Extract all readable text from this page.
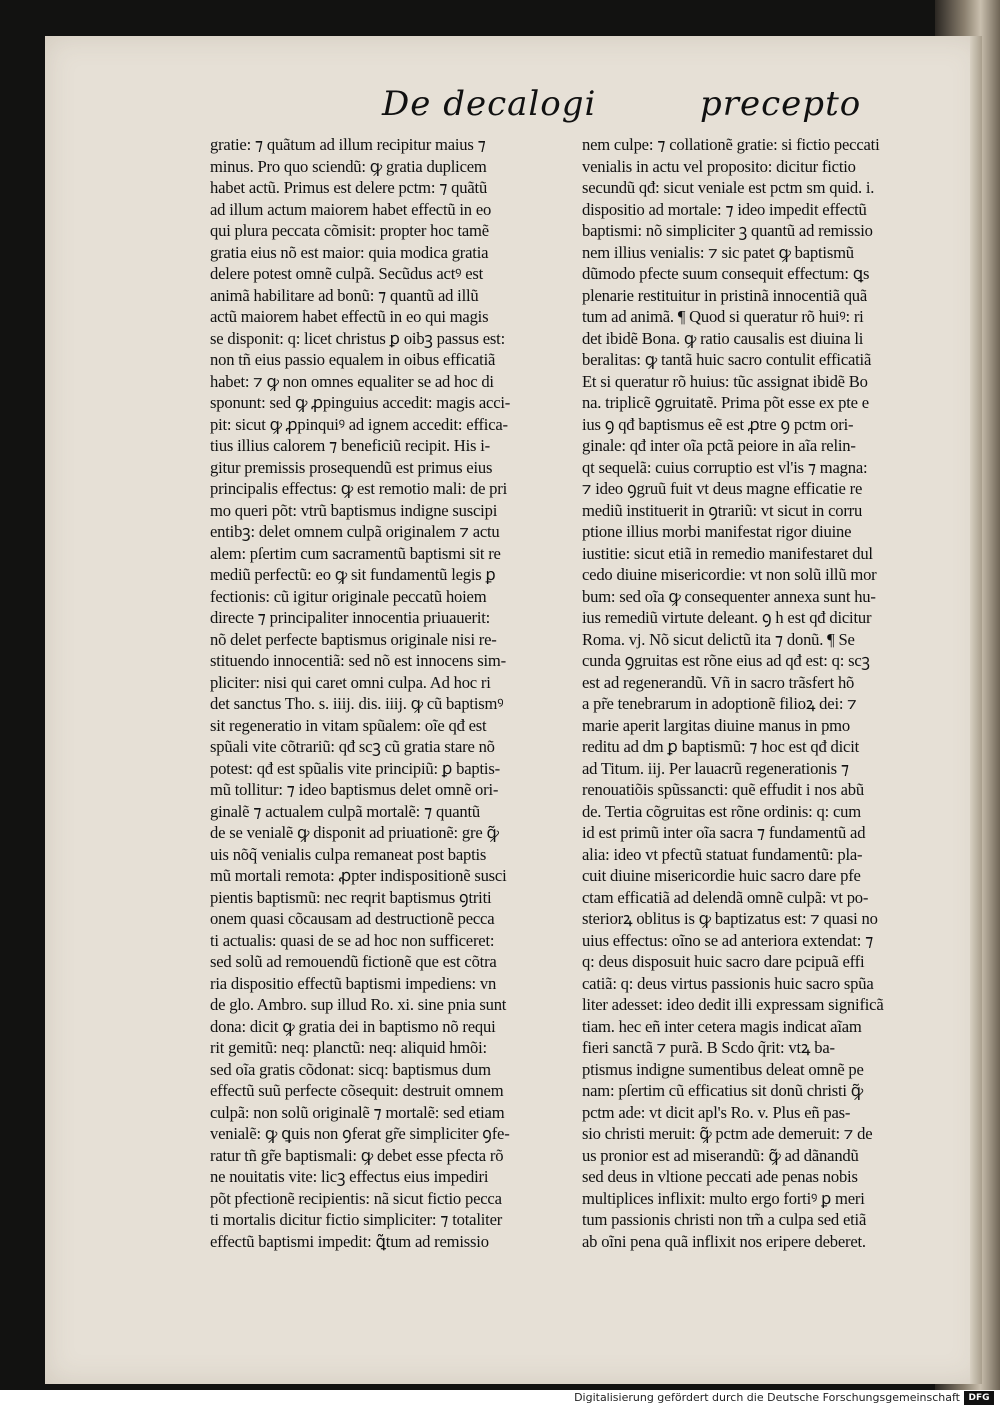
De decalogi	precepto
gratie: ⁊ quãtum ad illum recipitur maius ⁊
minus. Pro quo sciendũ: ꝙ gratia duplicem
habet actũ. Primus est delere pctm: ⁊ quãtũ
ad illum actum maiorem habet effectũ in eo
qui plura peccata cõmisit: propter hoc tamẽ
gratia eius nõ est maior: quia modica gratia
delere potest omnẽ culpã. Secũdus actꝰ est
animã habilitare ad bonũ: ⁊ quantũ ad illũ
actũ maiorem habet effectũ in eo qui magis
se disponit: q: licet christus ꝑ oibꝫ passus est:
non tñ eius passio equalem in oibus efficatiã
habet: ⁊ ꝙ non omnes equaliter se ad hoc di
sponunt: sed ꝙ ꝓpinguius accedit: magis acci-
pit: sicut ꝙ ꝓpinquiꝰ ad ignem accedit: effica-
tius illius calorem ⁊ beneficiũ recipit. His i-
gitur premissis prosequendũ est primus eius
principalis effectus: ꝙ est remotio mali: de pri
mo queri põt: vtrũ baptismus indigne suscipi
entibꝫ: delet omnem culpã originalem ⁊ actu
alem: pſertim cum sacramentũ baptismi sit re
mediũ perfectũ: eo ꝙ sit fundamentũ legis ꝑ
fectionis: cũ igitur originale peccatũ hoiem
directe ⁊ principaliter innocentia priuauerit:
nõ delet perfecte baptismus originale nisi re-
stituendo innocentiã: sed nõ est innocens sim-
pliciter: nisi qui caret omni culpa. Ad hoc ri
det sanctus Tho. s. iiij. dis. iiij. ꝙ cũ baptismꝰ
sit regeneratio in vitam spũalem: oĩe qđ est
spũali vite cõtrariũ: qđ scꝫ cũ gratia stare nõ
potest: qđ est spũalis vite principiũ: ꝑ baptis-
mũ tollitur: ⁊ ideo baptismus delet omnẽ ori-
ginalẽ ⁊ actualem culpã mortalẽ: ⁊ quantũ
de se venialẽ ꝙ disponit ad priuationẽ: gre ꝙ̃
uis nõq̃ venialis culpa remaneat post baptis
mũ mortali remota: ꝓpter indispositionẽ susci
pientis baptismũ: nec reqrit baptismus ꝯtriti
onem quasi cõcausam ad destructionẽ pecca
ti actualis: quasi de se ad hoc non sufficeret:
sed solũ ad remouendũ fictionẽ que est cõtra
ria dispositio effectũ baptismi impediens: vn
de glo. Ambro. sup illud Ro. xi. sine pnia sunt
dona: dicit ꝙ gratia dei in baptismo nõ requi
rit gemitũ: neq: planctũ: neq: aliquid hmõi:
sed oĩa gratis cõdonat: sicq: baptismus dum
effectũ suũ perfecte cõsequit: destruit omnem
culpã: non solũ originalẽ ⁊ mortalẽ: sed etiam
venialẽ: ꝙ ꝗuis non ꝯferat gr̃e simpliciter ꝯfe-
ratur tñ gr̃e baptismali: ꝙ debet esse pfecta rõ
ne nouitatis vite: licꝫ effectus eius impediri
põt pfectionẽ recipientis: nã sicut fictio pecca
ti mortalis dicitur fictio simpliciter: ⁊ totaliter
effectũ baptismi impedit: ꝗ̃tum ad remissio
nem culpe: ⁊ collationẽ gratie: si fictio peccati
venialis in actu vel proposito: dicitur fictio
secundũ qđ: sicut veniale est pctm sm quid. i.
dispositio ad mortale: ⁊ ideo impedit effectũ
baptismi: nõ simpliciter ꝫ quantũ ad remissio
nem illius venialis: ⁊ sic patet ꝙ baptismũ
dũmodo pfecte suum consequit effectum: ꝗs
plenarie restituitur in pristinã innocentiã quã
tum ad animã. ¶ Quod si queratur rõ huiꝰ: ri
det ibidẽ Bona. ꝙ ratio causalis est diuina li
beralitas: ꝙ tantã huic sacro contulit efficatiã
Et si queratur rõ huius: tũc assignat ibidẽ Bo
na. triplicẽ ꝯgruitatẽ. Prima põt esse ex pte e
ius ꝯ qđ baptismus eẽ est ꝓtre ꝯ pctm ori-
ginale: qđ inter oĩa pctã peiore in aĩa relin-
qt sequelã: cuius corruptio est vl'is ⁊ magna:
⁊ ideo ꝯgruũ fuit vt deus magne efficatie re
mediũ instituerit in ꝯtrariũ: vt sicut in corru
ptione illius morbi manifestat rigor diuine
iustitie: sicut etiã in remedio manifestaret dul
cedo diuine misericordie: vt non solũ illũ mor
bum: sed oĩa ꝙ consequenter annexa sunt hu-
ius remediũ virtute deleant. ꝯ h est qđ dicitur
Roma. vj. Nõ sicut delictũ ita ⁊ donũ. ¶ Se
cunda ꝯgruitas est rõne eius ad qđ est: q: scꝫ
est ad regenerandũ. Vñ in sacro trãsfert hõ
a pr̃e tenebrarum in adoptionẽ filioꝝ dei: ⁊
marie aperit largitas diuine manus in pmo
reditu ad dm ꝑ baptismũ: ⁊ hoc est qđ dicit
ad Titum. iij. Per lauacrũ regenerationis ⁊
renouatiõis spũssancti: quẽ effudit i nos abũ
de. Tertia cõgruitas est rõne ordinis: q: cum
id est primũ inter oĩa sacra ⁊ fundamentũ ad
alia: ideo vt pfectũ statuat fundamentũ: pla-
cuit diuine misericordie huic sacro dare pfe
ctam efficatiã ad delendã omnẽ culpã: vt po-
steriorꝝ oblitus is ꝙ baptizatus est: ⁊ quasi no
uius effectus: oĩno se ad anteriora extendat: ⁊
q: deus disposuit huic sacro dare pcipuã effi
catiã: q: deus virtus passionis huic sacro spũa
liter adesset: ideo dedit illi expressam significã
tiam. hec eñ inter cetera magis indicat aĩam
fieri sanctã ⁊ purã. B Scdo q̃rit: vtꝝ ba-
ptismus indigne sumentibus deleat omnẽ pe
nam: pſertim cũ efficatius sit donũ christi ꝙ̃
pctm ade: vt dicit apl's Ro. v. Plus eñ pas-
sio christi meruit: ꝙ̃ pctm ade demeruit: ⁊ de
us pronior est ad miserandũ: ꝙ̃ ad dãnandũ
sed deus in vltione peccati ade penas nobis
multiplices inflixit: multo ergo fortiꝰ ꝑ meri
tum passionis christi non tm̃ a culpa sed etiã
ab oĩni pena quã inflixit nos eripere deberet.
Digitalisierung gefördert durch die Deutsche Forschungsgemeinschaft DFG
